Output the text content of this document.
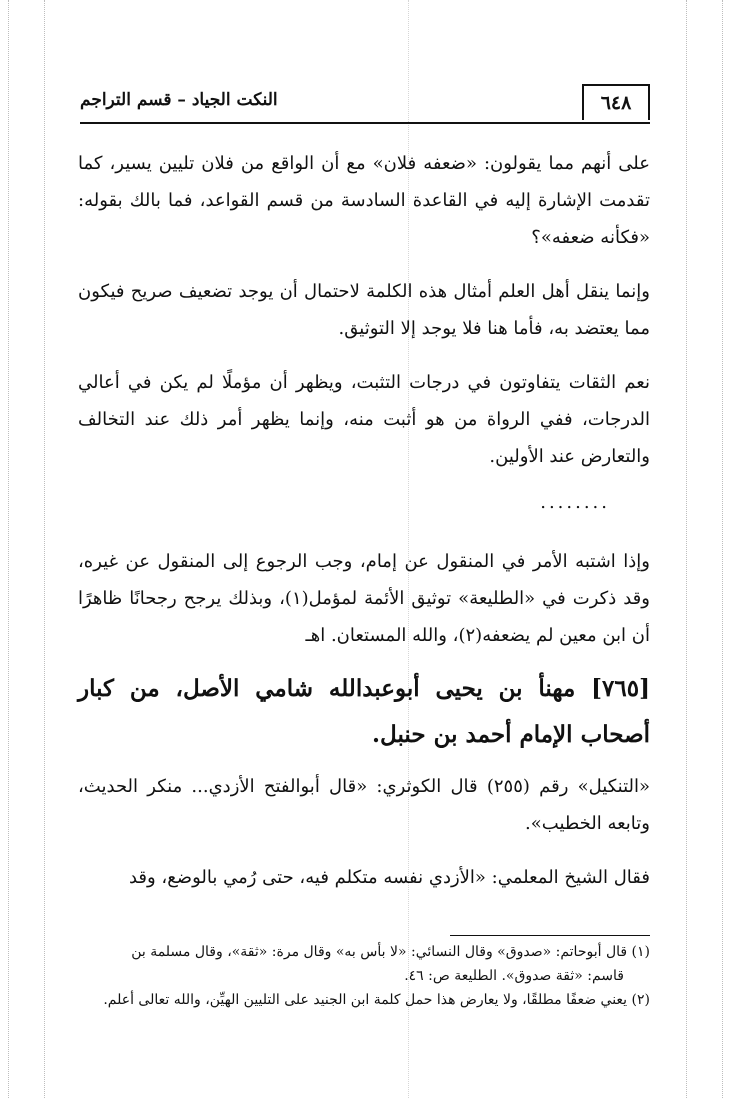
٦٤٨
النكت الجياد – قسم التراجم

على أنهم مما يقولون: «ضعفه فلان» مع أن الواقع من فلان تليين يسير، كما تقدمت الإشارة إليه في القاعدة السادسة من قسم القواعد، فما بالك بقوله: «فكأنه ضعفه»؟

وإنما ينقل أهل العلم أمثال هذه الكلمة لاحتمال أن يوجد تضعيف صريح فيكون مما يعتضد به، فأما هنا فلا يوجد إلا التوثيق.

نعم الثقات يتفاوتون في درجات التثبت، ويظهر أن مؤملًا لم يكن في أعالي الدرجات، ففي الرواة من هو أثبت منه، وإنما يظهر أمر ذلك عند التخالف والتعارض عند الأولين.

........

وإذا اشتبه الأمر في المنقول عن إمام، وجب الرجوع إلى المنقول عن غيره، وقد ذكرت في «الطليعة» توثيق الأئمة لمؤمل(١)، وبذلك يرجح رجحانًا ظاهرًا أن ابن معين لم يضعفه(٢)، والله المستعان. اهـ

[٧٦٥] مهنأ بن يحيى أبوعبدالله شامي الأصل، من كبار أصحاب الإمام أحمد بن حنبل.

«التنكيل» رقم (٢٥٥) قال الكوثري: «قال أبوالفتح الأزدي... منكر الحديث، وتابعه الخطيب».

فقال الشيخ المعلمي: «الأزدي نفسه متكلم فيه، حتى رُمي بالوضع، وقد

(١) قال أبوحاتم: «صدوق» وقال النسائي: «لا بأس به» وقال مرة: «ثقة»، وقال مسلمة بن

قاسم: «ثقة صدوق». الطليعة ص: ٤٦.

(٢) يعني ضعفًا مطلقًا، ولا يعارض هذا حمل كلمة ابن الجنيد على التليين الهيِّن، والله تعالى أعلم.
